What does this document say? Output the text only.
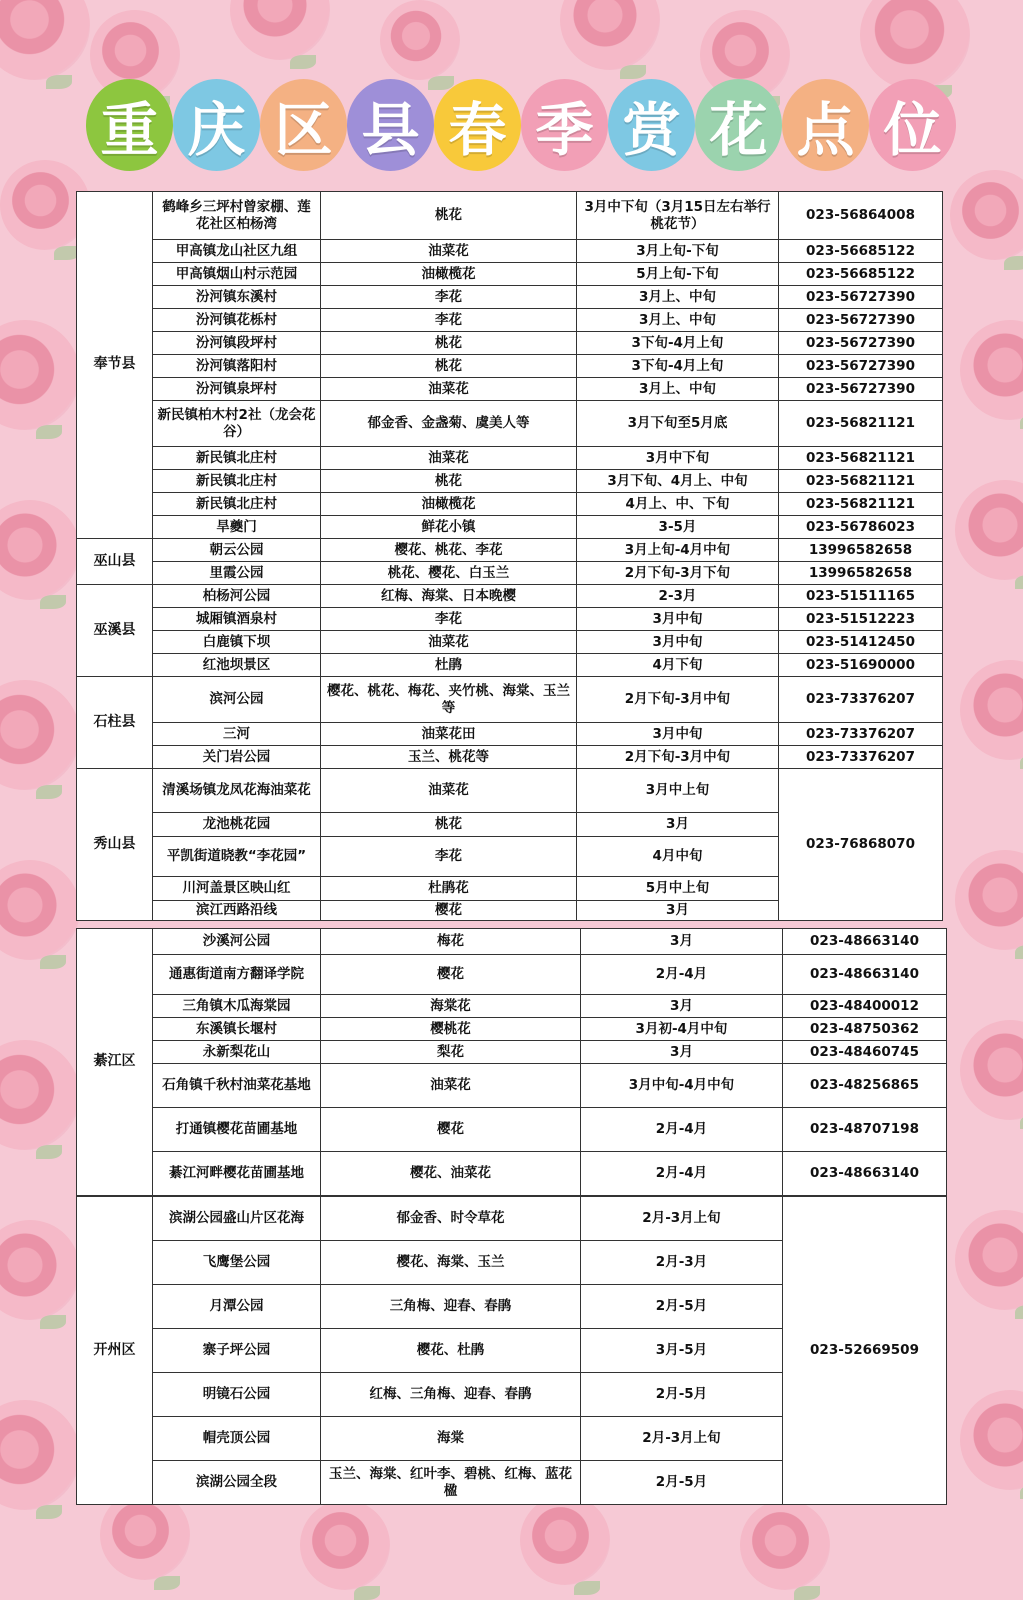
重 庆 区 县 春 季 赏 花 点 位
奉节县	鹤峰乡三坪村曾家棚、莲花社区柏杨湾	桃花	3月中下旬（3月15日左右举行桃花节）	023-56864008
	甲高镇龙山社区九组	油菜花	3月上旬-下旬	023-56685122
	甲高镇烟山村示范园	油橄榄花	5月上旬-下旬	023-56685122
	汾河镇东溪村	李花	3月上、中旬	023-56727390
	汾河镇花栎村	李花	3月上、中旬	023-56727390
	汾河镇段坪村	桃花	3下旬-4月上旬	023-56727390
	汾河镇落阳村	桃花	3下旬-4月上旬	023-56727390
	汾河镇泉坪村	油菜花	3月上、中旬	023-56727390
	新民镇柏木村2社（龙会花谷）	郁金香、金盏菊、虞美人等	3月下旬至5月底	023-56821121
	新民镇北庄村	油菜花	3月中下旬	023-56821121
	新民镇北庄村	桃花	3月下旬、4月上、中旬	023-56821121
	新民镇北庄村	油橄榄花	4月上、中、下旬	023-56821121
	旱夔门	鲜花小镇	3-5月	023-56786023
巫山县	朝云公园	樱花、桃花、李花	3月上旬-4月中旬	13996582658
	里霞公园	桃花、樱花、白玉兰	2月下旬-3月下旬	13996582658
巫溪县	柏杨河公园	红梅、海棠、日本晚樱	2-3月	023-51511165
	城厢镇酒泉村	李花	3月中旬	023-51512223
	白鹿镇下坝	油菜花	3月中旬	023-51412450
	红池坝景区	杜鹃	4月下旬	023-51690000
石柱县	滨河公园	樱花、桃花、梅花、夹竹桃、海棠、玉兰等	2月下旬-3月中旬	023-73376207
	三河	油菜花田	3月中旬	023-73376207
	关门岩公园	玉兰、桃花等	2月下旬-3月中旬	023-73376207
秀山县	清溪场镇龙凤花海油菜花	油菜花	3月中上旬	023-76868070
	龙池桃花园	桃花	3月	
	平凯街道晓教“李花园”	李花	4月中旬	
	川河盖景区映山红	杜鹃花	5月中上旬	
	滨江西路沿线	樱花	3月	
綦江区	沙溪河公园	梅花	3月	023-48663140
	通惠街道南方翻译学院	樱花	2月-4月	023-48663140
	三角镇木瓜海棠园	海棠花	3月	023-48400012
	东溪镇长堰村	樱桃花	3月初-4月中旬	023-48750362
	永新梨花山	梨花	3月	023-48460745
	石角镇千秋村油菜花基地	油菜花	3月中旬-4月中旬	023-48256865
	打通镇樱花苗圃基地	樱花	2月-4月	023-48707198
	綦江河畔樱花苗圃基地	樱花、油菜花	2月-4月	023-48663140
开州区	滨湖公园盛山片区花海	郁金香、时令草花	2月-3月上旬	023-52669509
	飞鹰堡公园	樱花、海棠、玉兰	2月-3月	
	月潭公园	三角梅、迎春、春鹃	2月-5月	
	寨子坪公园	樱花、杜鹃	3月-5月	
	明镜石公园	红梅、三角梅、迎春、春鹃	2月-5月	
	帽壳顶公园	海棠	2月-3月上旬	
	滨湖公园全段	玉兰、海棠、红叶李、碧桃、红梅、蓝花楹	2月-5月	
